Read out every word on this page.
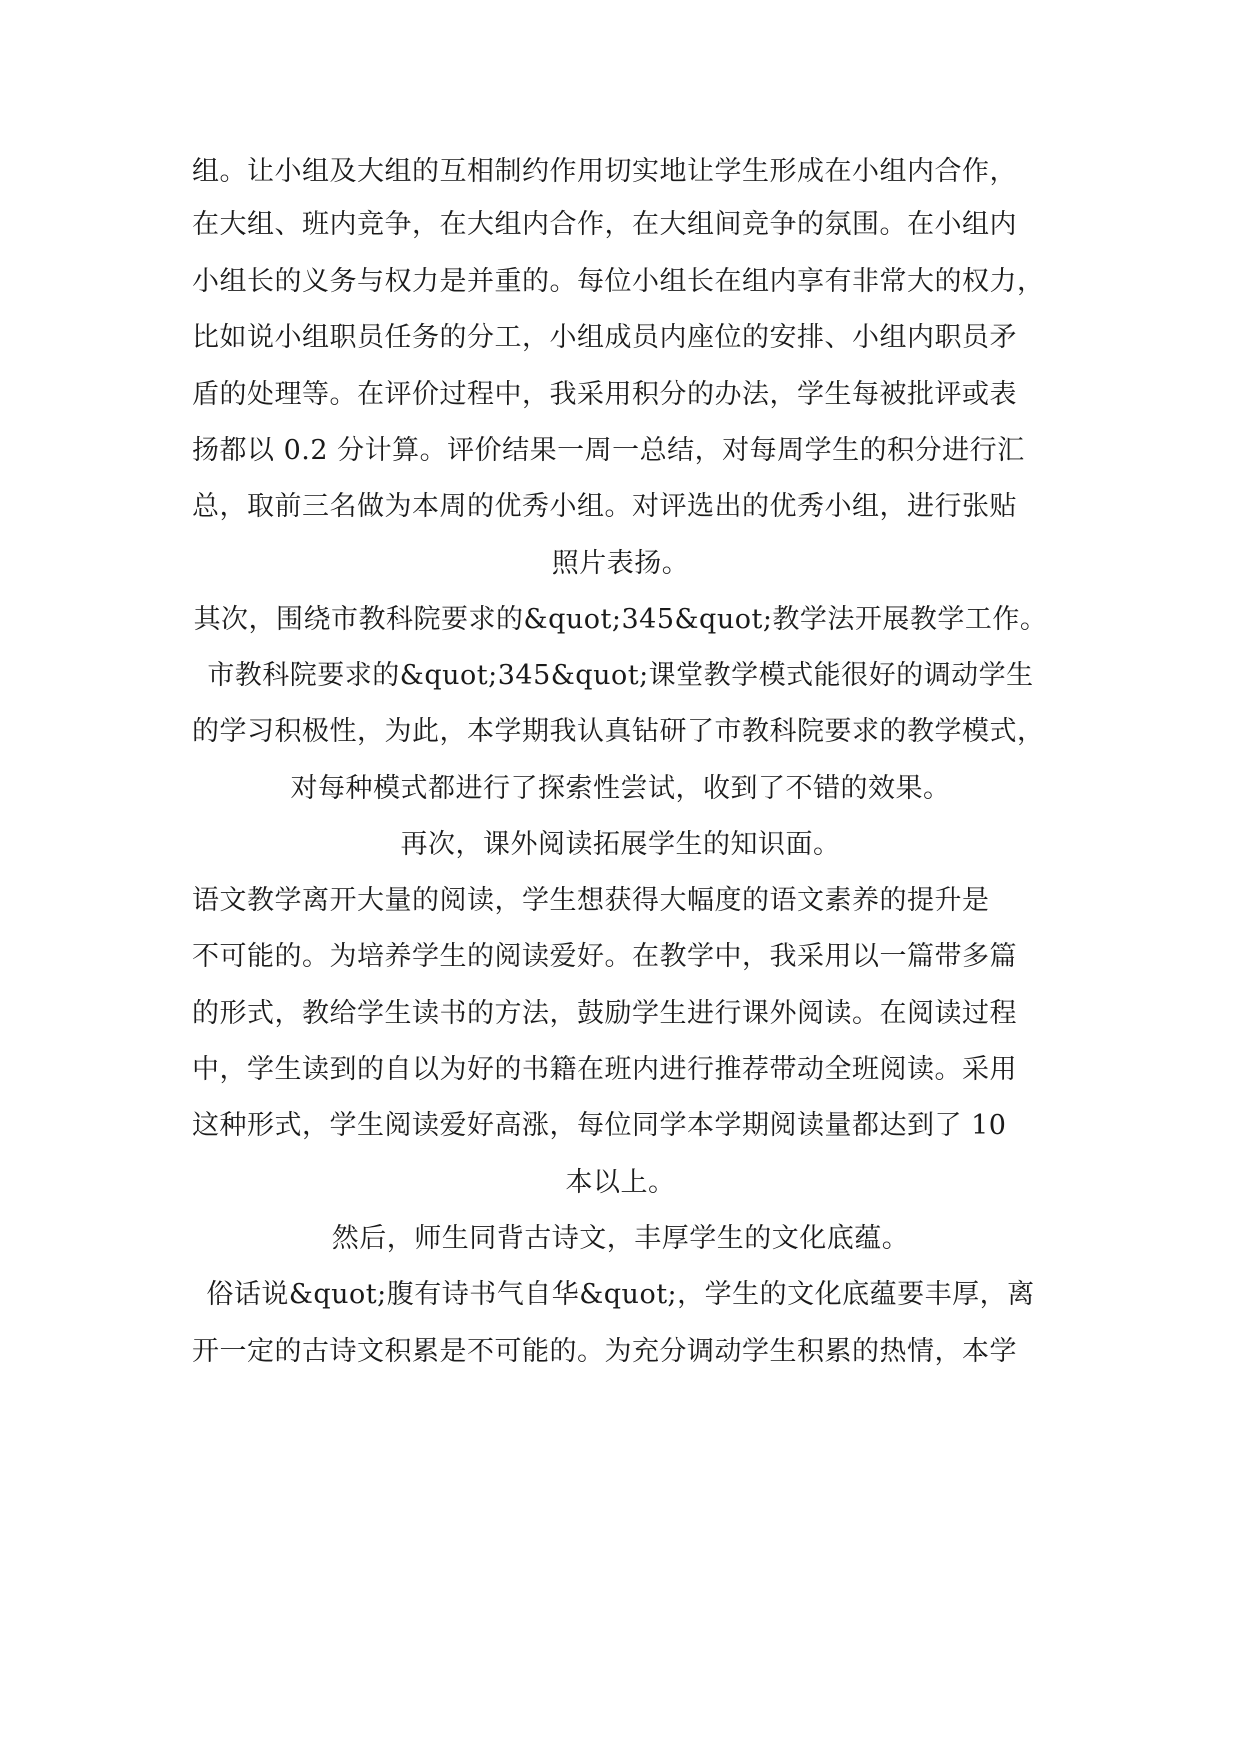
组。让小组及大组的互相制约作用切实地让学生形成在小组内合作，
在大组、班内竞争，在大组内合作，在大组间竞争的氛围。在小组内
小组长的义务与权力是并重的。每位小组长在组内享有非常大的权力，
比如说小组职员任务的分工，小组成员内座位的安排、小组内职员矛
盾的处理等。在评价过程中，我采用积分的办法，学生每被批评或表
扬都以 0.2 分计算。评价结果一周一总结，对每周学生的积分进行汇
总，取前三名做为本周的优秀小组。对评选出的优秀小组，进行张贴
照片表扬。
其次，围绕市教科院要求的&quot;345&quot;教学法开展教学工作。
市教科院要求的&quot;345&quot;课堂教学模式能很好的调动学生
的学习积极性，为此，本学期我认真钻研了市教科院要求的教学模式，
对每种模式都进行了探索性尝试，收到了不错的效果。
再次，课外阅读拓展学生的知识面。
语文教学离开大量的阅读，学生想获得大幅度的语文素养的提升是
不可能的。为培养学生的阅读爱好。在教学中，我采用以一篇带多篇
的形式，教给学生读书的方法，鼓励学生进行课外阅读。在阅读过程
中，学生读到的自以为好的书籍在班内进行推荐带动全班阅读。采用
这种形式，学生阅读爱好高涨，每位同学本学期阅读量都达到了 10
本以上。
然后，师生同背古诗文，丰厚学生的文化底蕴。
俗话说&quot;腹有诗书气自华&quot;，学生的文化底蕴要丰厚，离
开一定的古诗文积累是不可能的。为充分调动学生积累的热情，本学
